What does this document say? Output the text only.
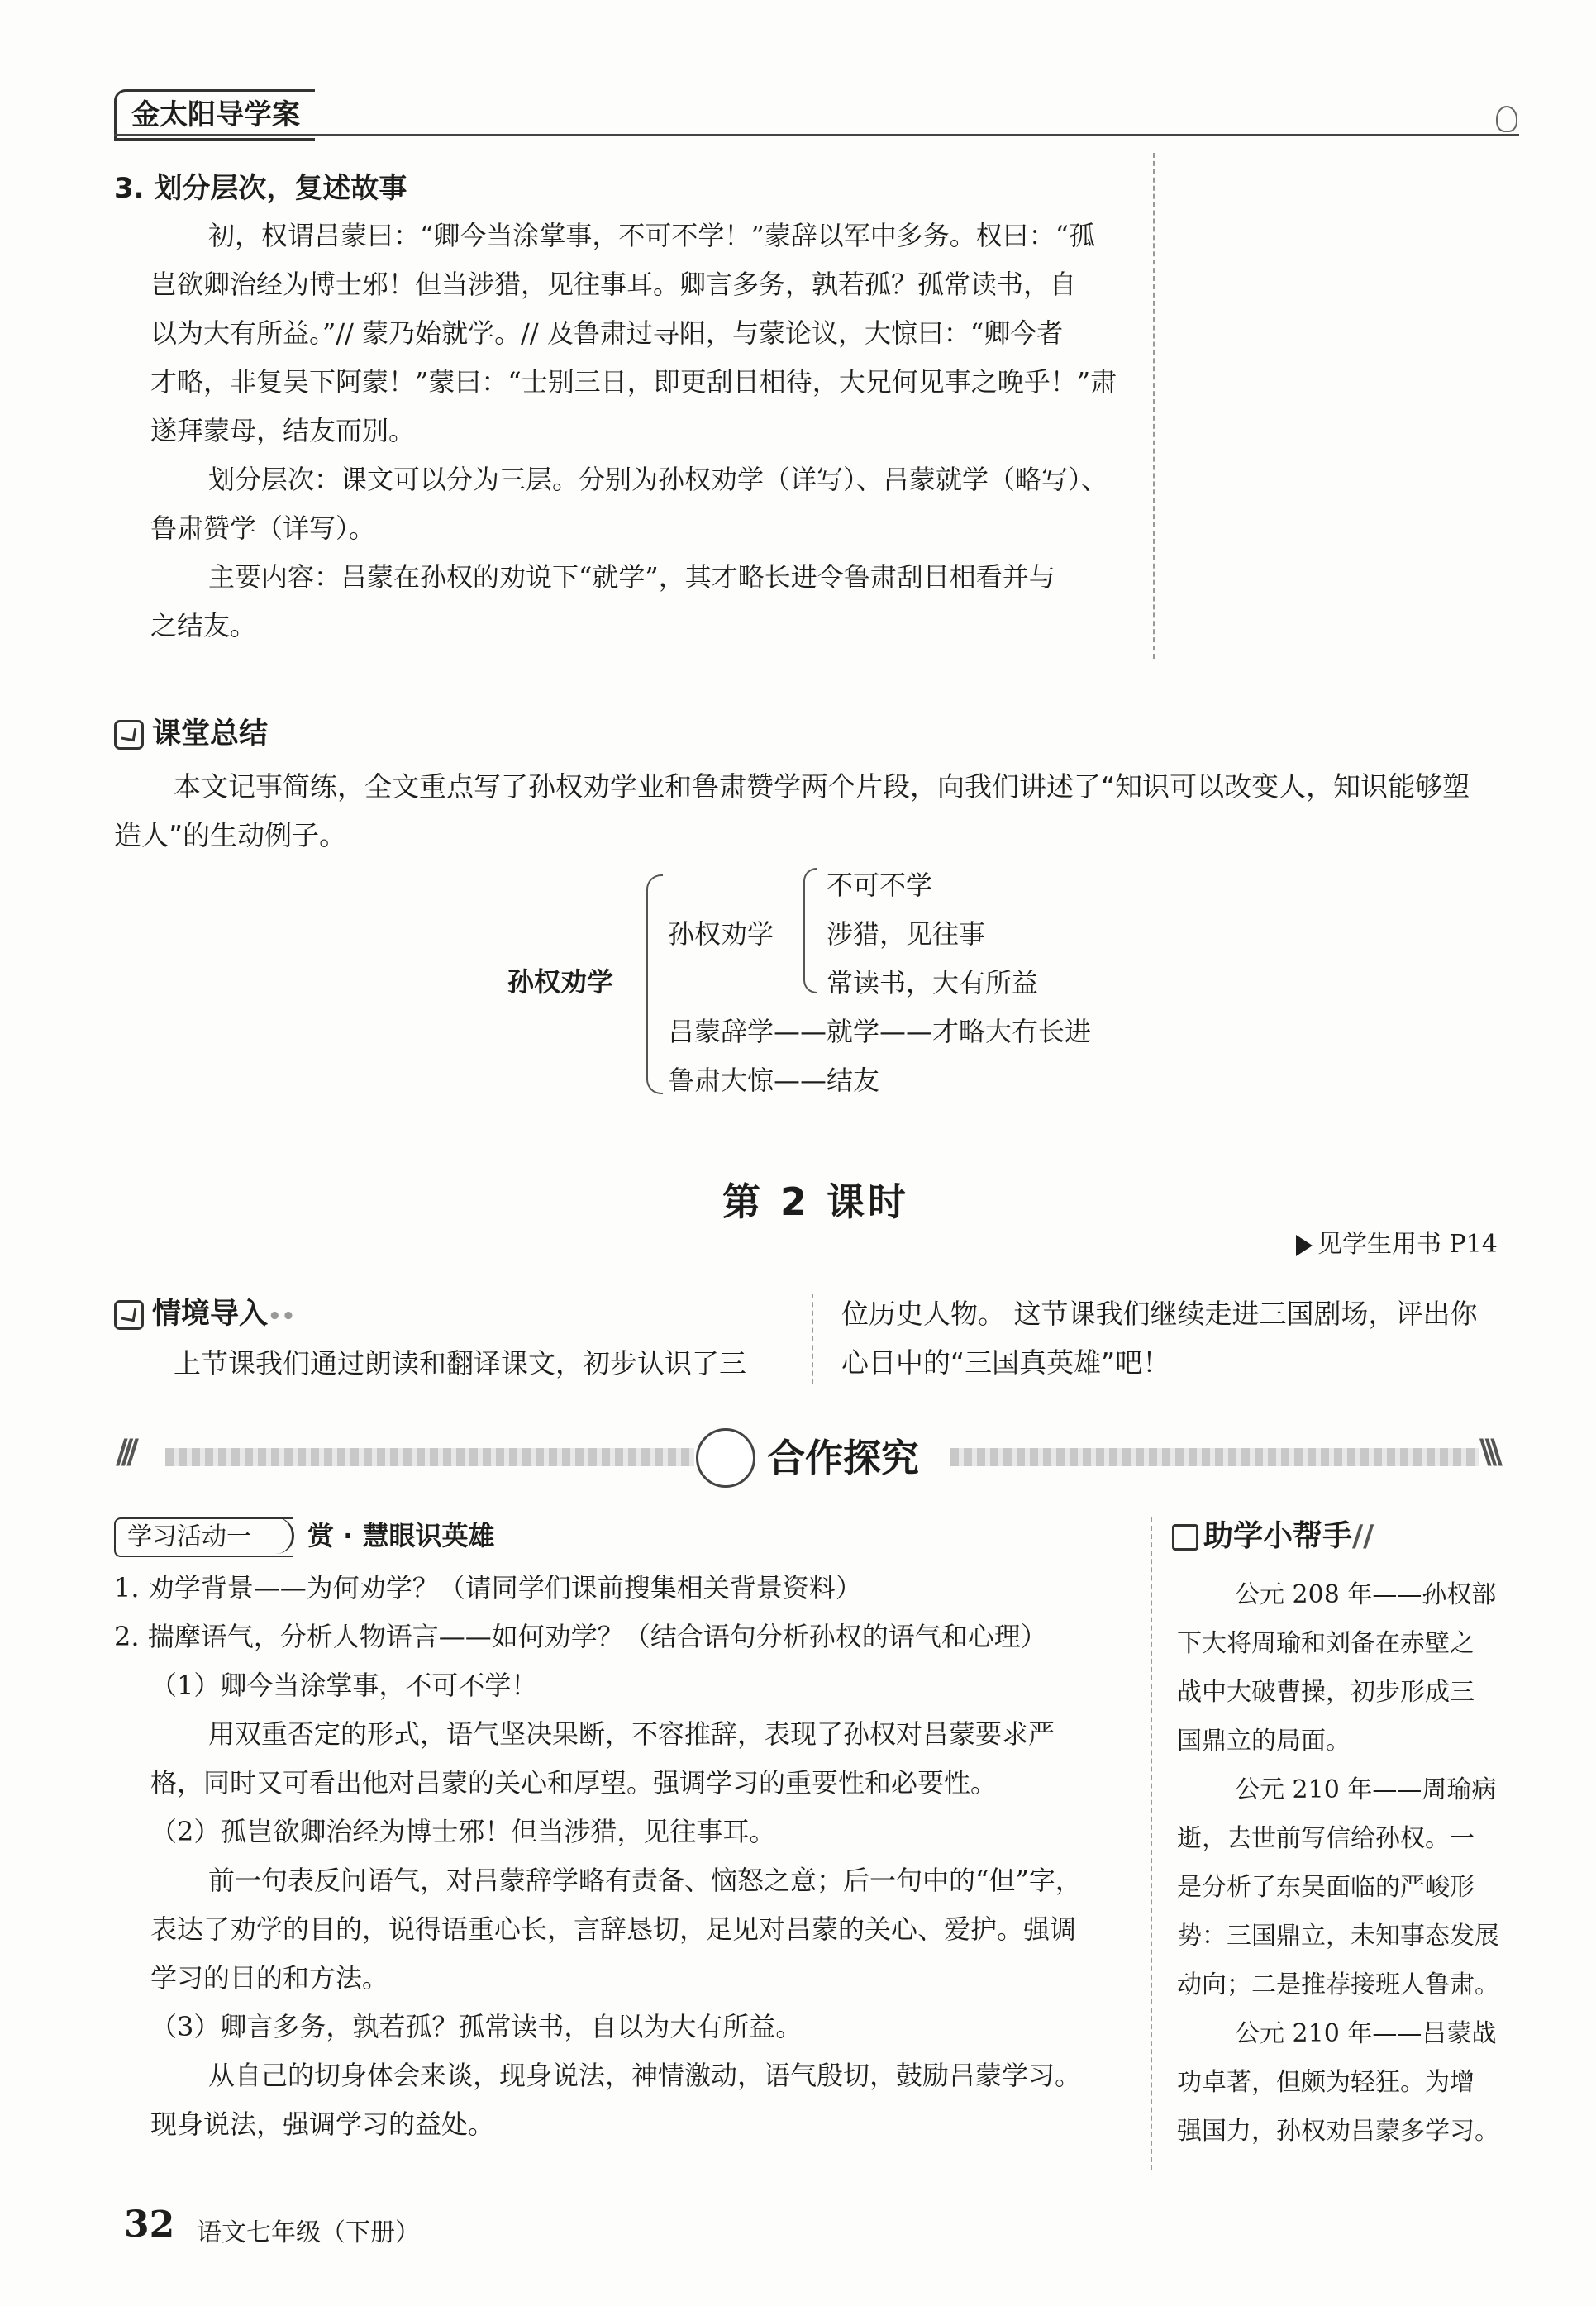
金太阳导学案
3. 划分层次，复述故事
初，权谓吕蒙曰：“卿今当涂掌事，不可不学！”蒙辞以军中多务。权曰：“孤
岂欲卿治经为博士邪！但当涉猎，见往事耳。卿言多务，孰若孤？孤常读书，自
以为大有所益。”// 蒙乃始就学。// 及鲁肃过寻阳，与蒙论议，大惊曰：“卿今者
才略，非复吴下阿蒙！”蒙曰：“士别三日，即更刮目相待，大兄何见事之晚乎！”肃
遂拜蒙母，结友而别。
划分层次：课文可以分为三层。分别为孙权劝学（详写）、吕蒙就学（略写）、
鲁肃赞学（详写）。
主要内容：吕蒙在孙权的劝说下“就学”，其才略长进令鲁肃刮目相看并与
之结友。
课堂总结
本文记事简练，全文重点写了孙权劝学业和鲁肃赞学两个片段，向我们讲述了“知识可以改变人，知识能够塑
造人”的生动例子。
孙权劝学
孙权劝学
不可不学
涉猎，见往事
常读书，大有所益
吕蒙辞学——就学——才略大有长进
鲁肃大惊——结友
第 2 课时
见学生用书 P14
情境导入••
上节课我们通过朗读和翻译课文，初步认识了三
位历史人物。 这节课我们继续走进三国剧场，评出你
心目中的“三国真英雄”吧！
///	合作探究	\\\
学习活动一	赏 · 慧眼识英雄
1. 劝学背景——为何劝学？（请同学们课前搜集相关背景资料）
2. 揣摩语气，分析人物语言——如何劝学？（结合语句分析孙权的语气和心理）
（1）卿今当涂掌事，不可不学！
用双重否定的形式，语气坚决果断，不容推辞，表现了孙权对吕蒙要求严
格，同时又可看出他对吕蒙的关心和厚望。强调学习的重要性和必要性。
（2）孤岂欲卿治经为博士邪！但当涉猎，见往事耳。
前一句表反问语气，对吕蒙辞学略有责备、恼怒之意；后一句中的“但”字，
表达了劝学的目的，说得语重心长，言辞恳切，足见对吕蒙的关心、爱护。强调
学习的目的和方法。
（3）卿言多务，孰若孤？孤常读书，自以为大有所益。
从自己的切身体会来谈，现身说法，神情激动，语气殷切，鼓励吕蒙学习。
现身说法，强调学习的益处。
助学小帮手//
公元 208 年——孙权部
下大将周瑜和刘备在赤壁之
战中大破曹操，初步形成三
国鼎立的局面。
公元 210 年——周瑜病
逝，去世前写信给孙权。一
是分析了东吴面临的严峻形
势：三国鼎立，未知事态发展
动向；二是推荐接班人鲁肃。
公元 210 年——吕蒙战
功卓著，但颇为轻狂。为增
强国力，孙权劝吕蒙多学习。
32 语文七年级（下册）
